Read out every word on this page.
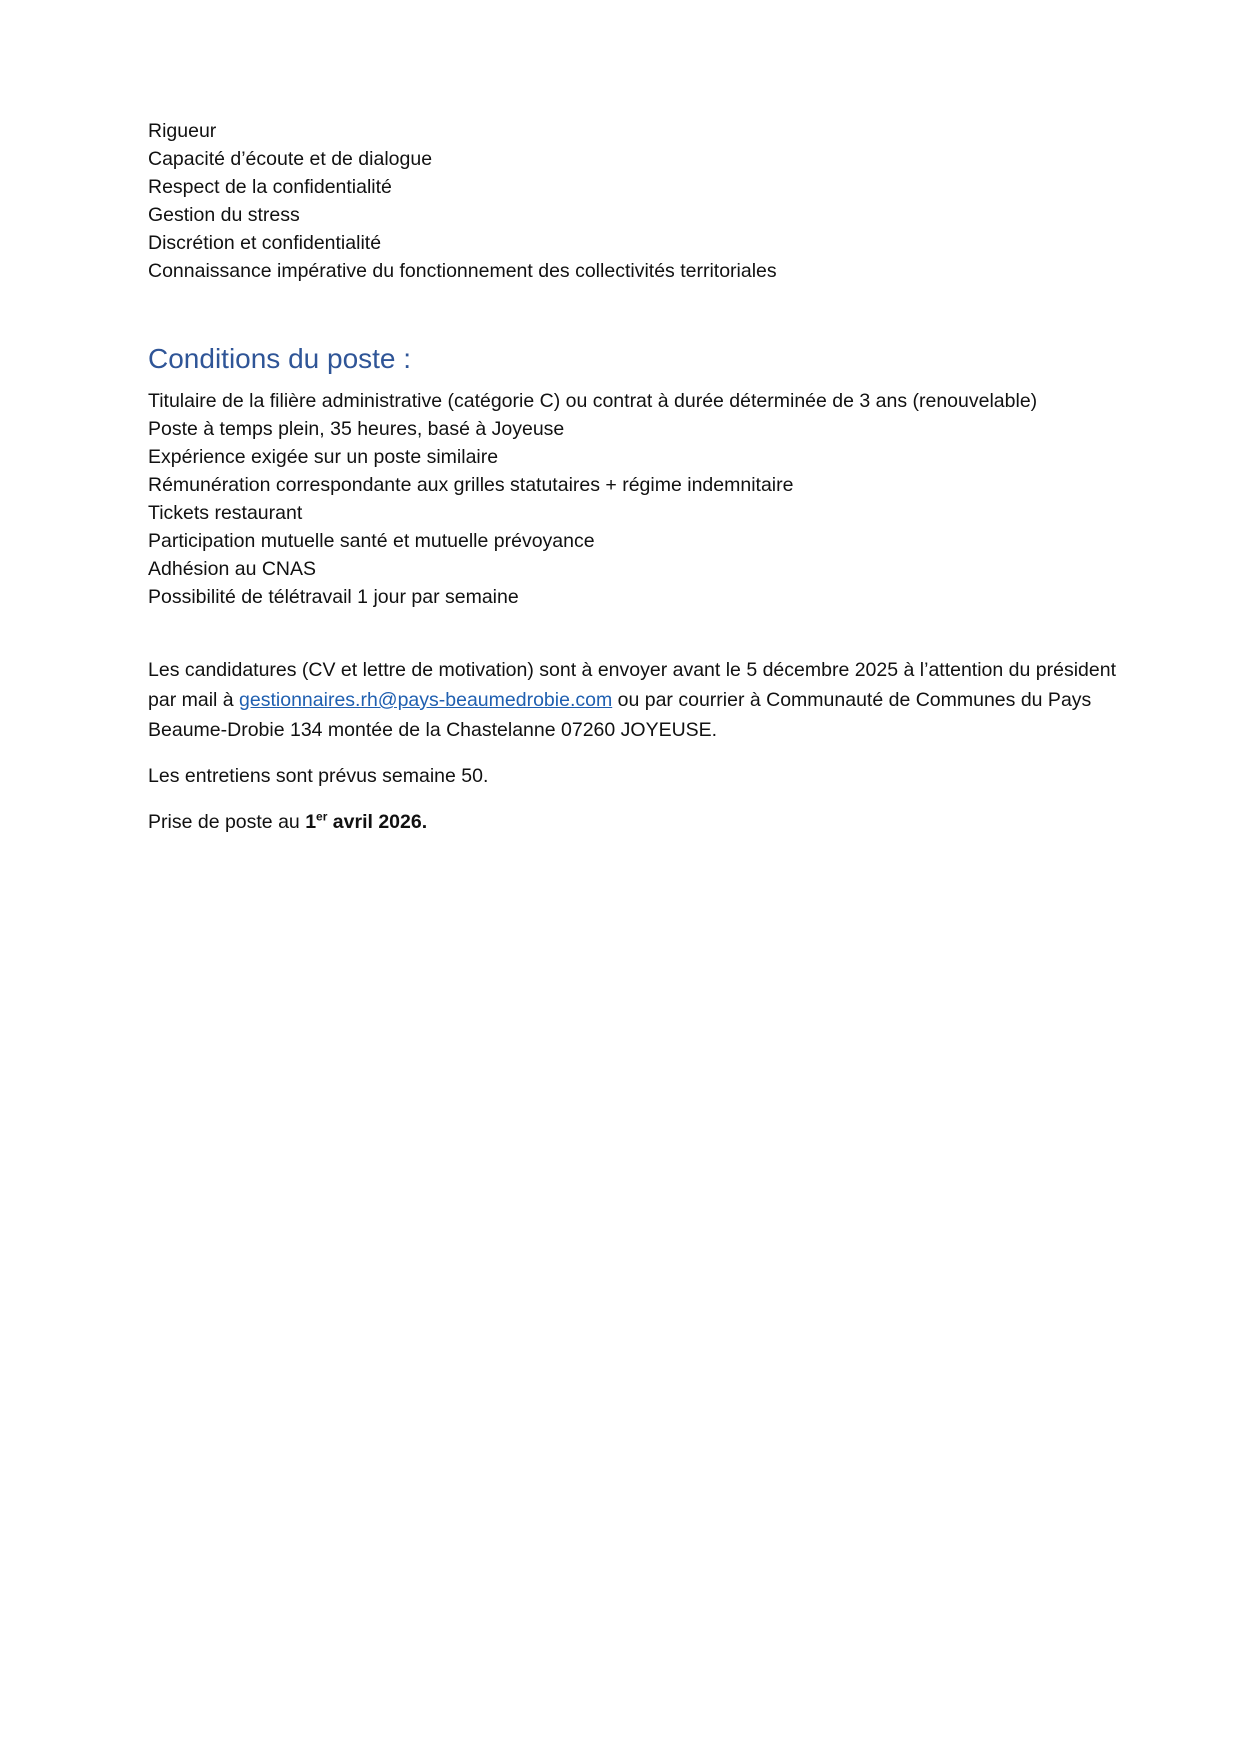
Rigueur
Capacité d’écoute et de dialogue
Respect de la confidentialité
Gestion du stress
Discrétion et confidentialité
Connaissance impérative du fonctionnement des collectivités territoriales
Conditions du poste :
Titulaire de la filière administrative (catégorie C) ou contrat à durée déterminée de 3 ans (renouvelable)
Poste à temps plein, 35 heures, basé à Joyeuse
Expérience exigée sur un poste similaire
Rémunération correspondante aux grilles statutaires + régime indemnitaire
Tickets restaurant
Participation mutuelle santé et mutuelle prévoyance
Adhésion au CNAS
Possibilité de télétravail 1 jour par semaine

Les candidatures (CV et lettre de motivation) sont à envoyer avant le 5 décembre 2025 à l’attention du président par mail à gestionnaires.rh@pays-beaumedrobie.com ou par courrier à Communauté de Communes du Pays Beaume-Drobie 134 montée de la Chastelanne 07260 JOYEUSE.

Les entretiens sont prévus semaine 50.

Prise de poste au 1er avril 2026.
